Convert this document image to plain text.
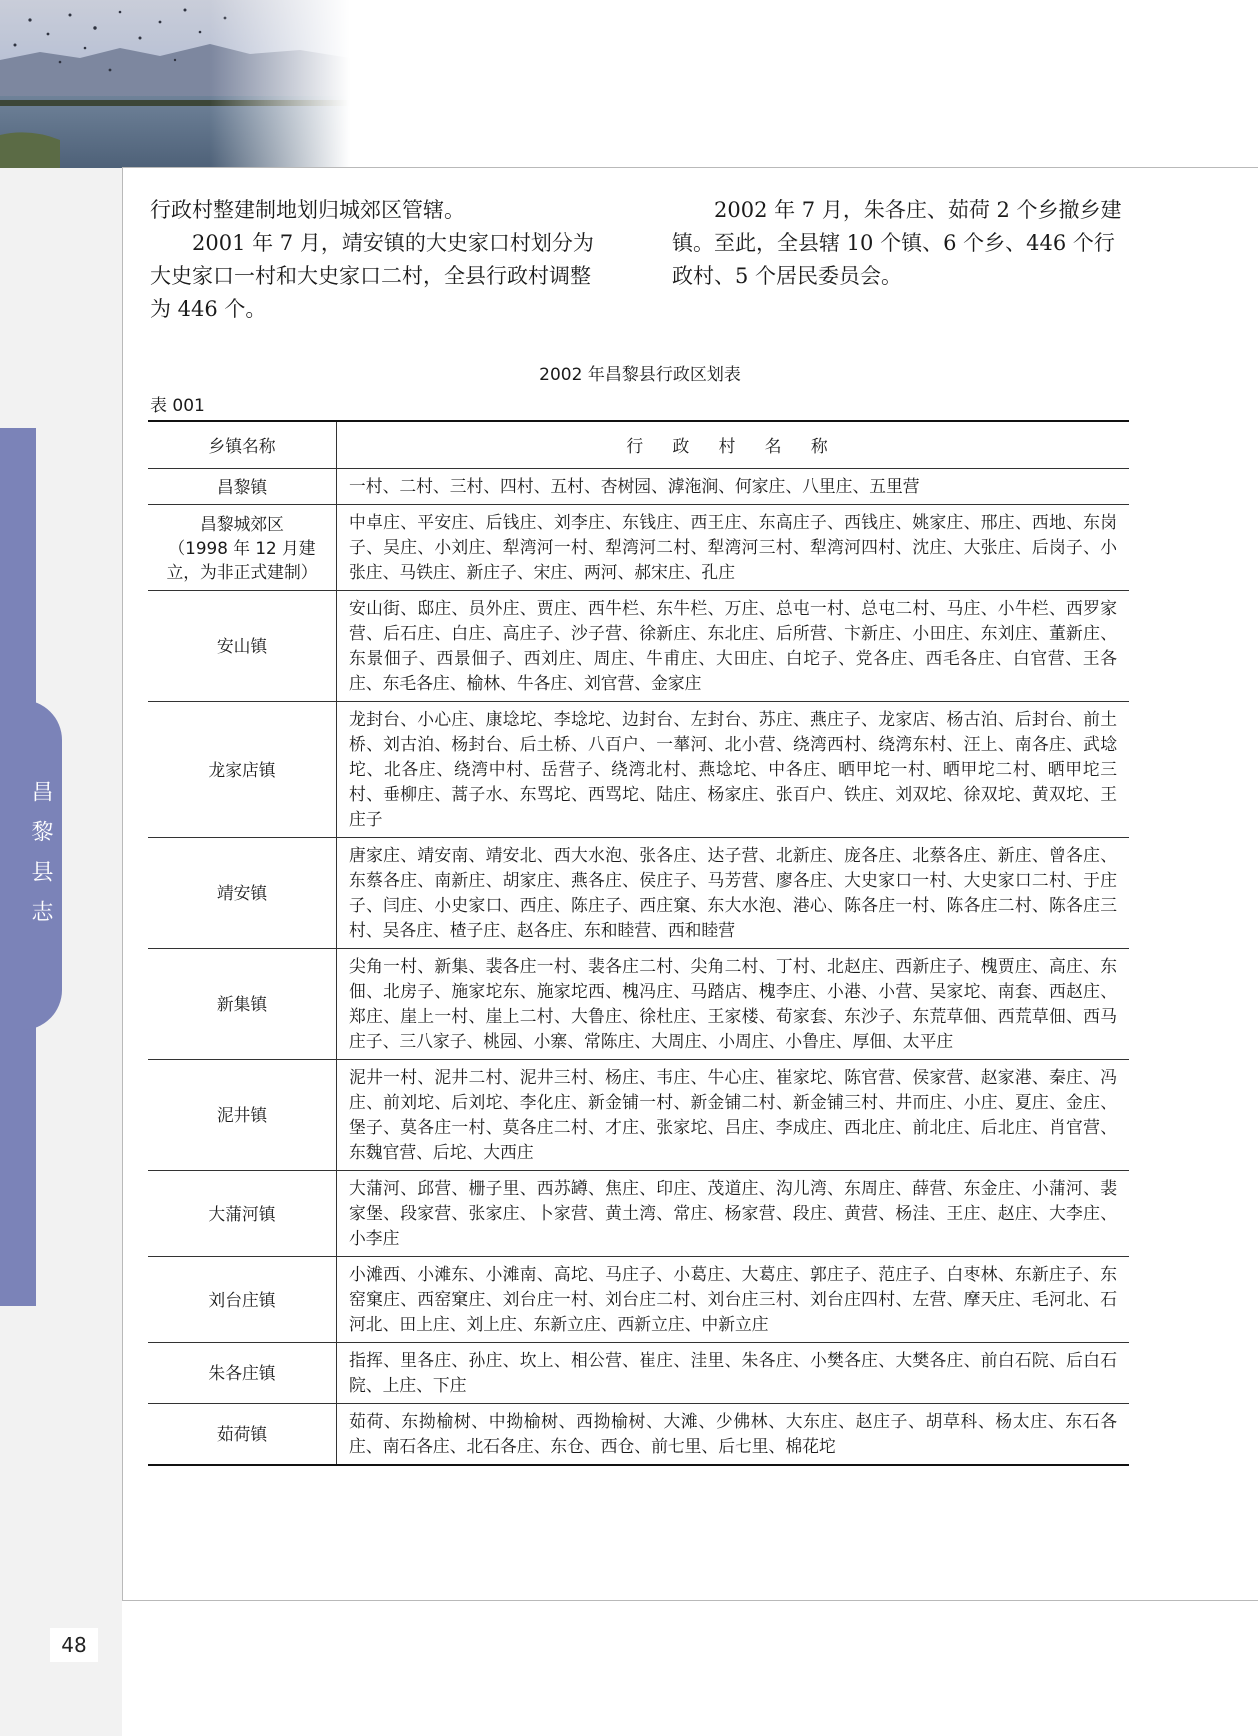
昌黎县志
48

行政村整建制地划归城郊区管辖。

2001 年 7 月，靖安镇的大史家口村划分为大史家口一村和大史家口二村，全县行政村调整为 446 个。

2002 年 7 月，朱各庄、茹荷 2 个乡撤乡建镇。至此，全县辖 10 个镇、6 个乡、446 个行政村、5 个居民委员会。

2002 年昌黎县行政区划表
表 001
乡镇名称	行 政 村 名 称
昌黎镇	一村、二村、三村、四村、五村、杏树园、滹沲涧、何家庄、八里庄、五里营

昌黎城郊区
（1998 年 12 月建立，为非正式建制）	中卓庄、平安庄、后钱庄、刘李庄、东钱庄、西王庄、东高庄子、西钱庄、姚家庄、邢庄、西地、东岗子、吴庄、小刘庄、犁湾河一村、犁湾河二村、犁湾河三村、犁湾河四村、沈庄、大张庄、后岗子、小张庄、马铁庄、新庄子、宋庄、两河、郝宋庄、孔庄
安山镇	安山街、邸庄、员外庄、贾庄、西牛栏、东牛栏、万庄、总屯一村、总屯二村、马庄、小牛栏、西罗家营、后石庄、白庄、高庄子、沙子营、徐新庄、东北庄、后所营、卞新庄、小田庄、东刘庄、董新庄、东景佃子、西景佃子、西刘庄、周庄、牛甫庄、大田庄、白坨子、党各庄、西毛各庄、白官营、王各庄、东毛各庄、榆林、牛各庄、刘官营、金家庄
龙家店镇	龙封台、小心庄、康埝坨、李埝坨、边封台、左封台、苏庄、燕庄子、龙家店、杨古泊、后封台、前土桥、刘古泊、杨封台、后土桥、八百户、一蕐河、北小营、绕湾西村、绕湾东村、汪上、南各庄、武埝坨、北各庄、绕湾中村、岳营子、绕湾北村、燕埝坨、中各庄、晒甲坨一村、晒甲坨二村、晒甲坨三村、垂柳庄、蒿子水、东骂坨、西骂坨、陆庄、杨家庄、张百户、铁庄、刘双坨、徐双坨、黄双坨、王庄子
靖安镇	唐家庄、靖安南、靖安北、西大水泡、张各庄、达子营、北新庄、庞各庄、北蔡各庄、新庄、曾各庄、东蔡各庄、南新庄、胡家庄、燕各庄、侯庄子、马芳营、廖各庄、大史家口一村、大史家口二村、于庄子、闫庄、小史家口、西庄、陈庄子、西庄窠、东大水泡、港心、陈各庄一村、陈各庄二村、陈各庄三村、吴各庄、楂子庄、赵各庄、东和睦营、西和睦营
新集镇	尖角一村、新集、裴各庄一村、裴各庄二村、尖角二村、丁村、北赵庄、西新庄子、槐贾庄、高庄、东佃、北房子、施家坨东、施家坨西、槐冯庄、马踏店、槐李庄、小港、小营、吴家坨、南套、西赵庄、郑庄、崖上一村、崖上二村、大鲁庄、徐杜庄、王家楼、荀家套、东沙子、东荒草佃、西荒草佃、西马庄子、三八家子、桃园、小寨、常陈庄、大周庄、小周庄、小鲁庄、厚佃、太平庄
泥井镇	泥井一村、泥井二村、泥井三村、杨庄、韦庄、牛心庄、崔家坨、陈官营、侯家营、赵家港、秦庄、冯庄、前刘坨、后刘坨、李化庄、新金铺一村、新金铺二村、新金铺三村、井而庄、小庄、夏庄、金庄、堡子、莫各庄一村、莫各庄二村、才庄、张家坨、吕庄、李成庄、西北庄、前北庄、后北庄、肖官营、东魏官营、后坨、大西庄
大蒲河镇	大蒲河、邱营、栅子里、西苏罇、焦庄、印庄、茂道庄、沟儿湾、东周庄、薛营、东金庄、小蒲河、裴家堡、段家营、张家庄、卜家营、黄土湾、常庄、杨家营、段庄、黄营、杨洼、王庄、赵庄、大李庄、小李庄
刘台庄镇	小滩西、小滩东、小滩南、高坨、马庄子、小葛庄、大葛庄、郭庄子、范庄子、白枣林、东新庄子、东窑窠庄、西窑窠庄、刘台庄一村、刘台庄二村、刘台庄三村、刘台庄四村、左营、摩天庄、毛河北、石河北、田上庄、刘上庄、东新立庄、西新立庄、中新立庄
朱各庄镇	指挥、里各庄、孙庄、坎上、相公营、崔庄、洼里、朱各庄、小樊各庄、大樊各庄、前白石院、后白石院、上庄、下庄
茹荷镇	茹荷、东拗榆树、中拗榆树、西拗榆树、大滩、少佛林、大东庄、赵庄子、胡草科、杨太庄、东石各庄、南石各庄、北石各庄、东仓、西仓、前七里、后七里、棉花坨
